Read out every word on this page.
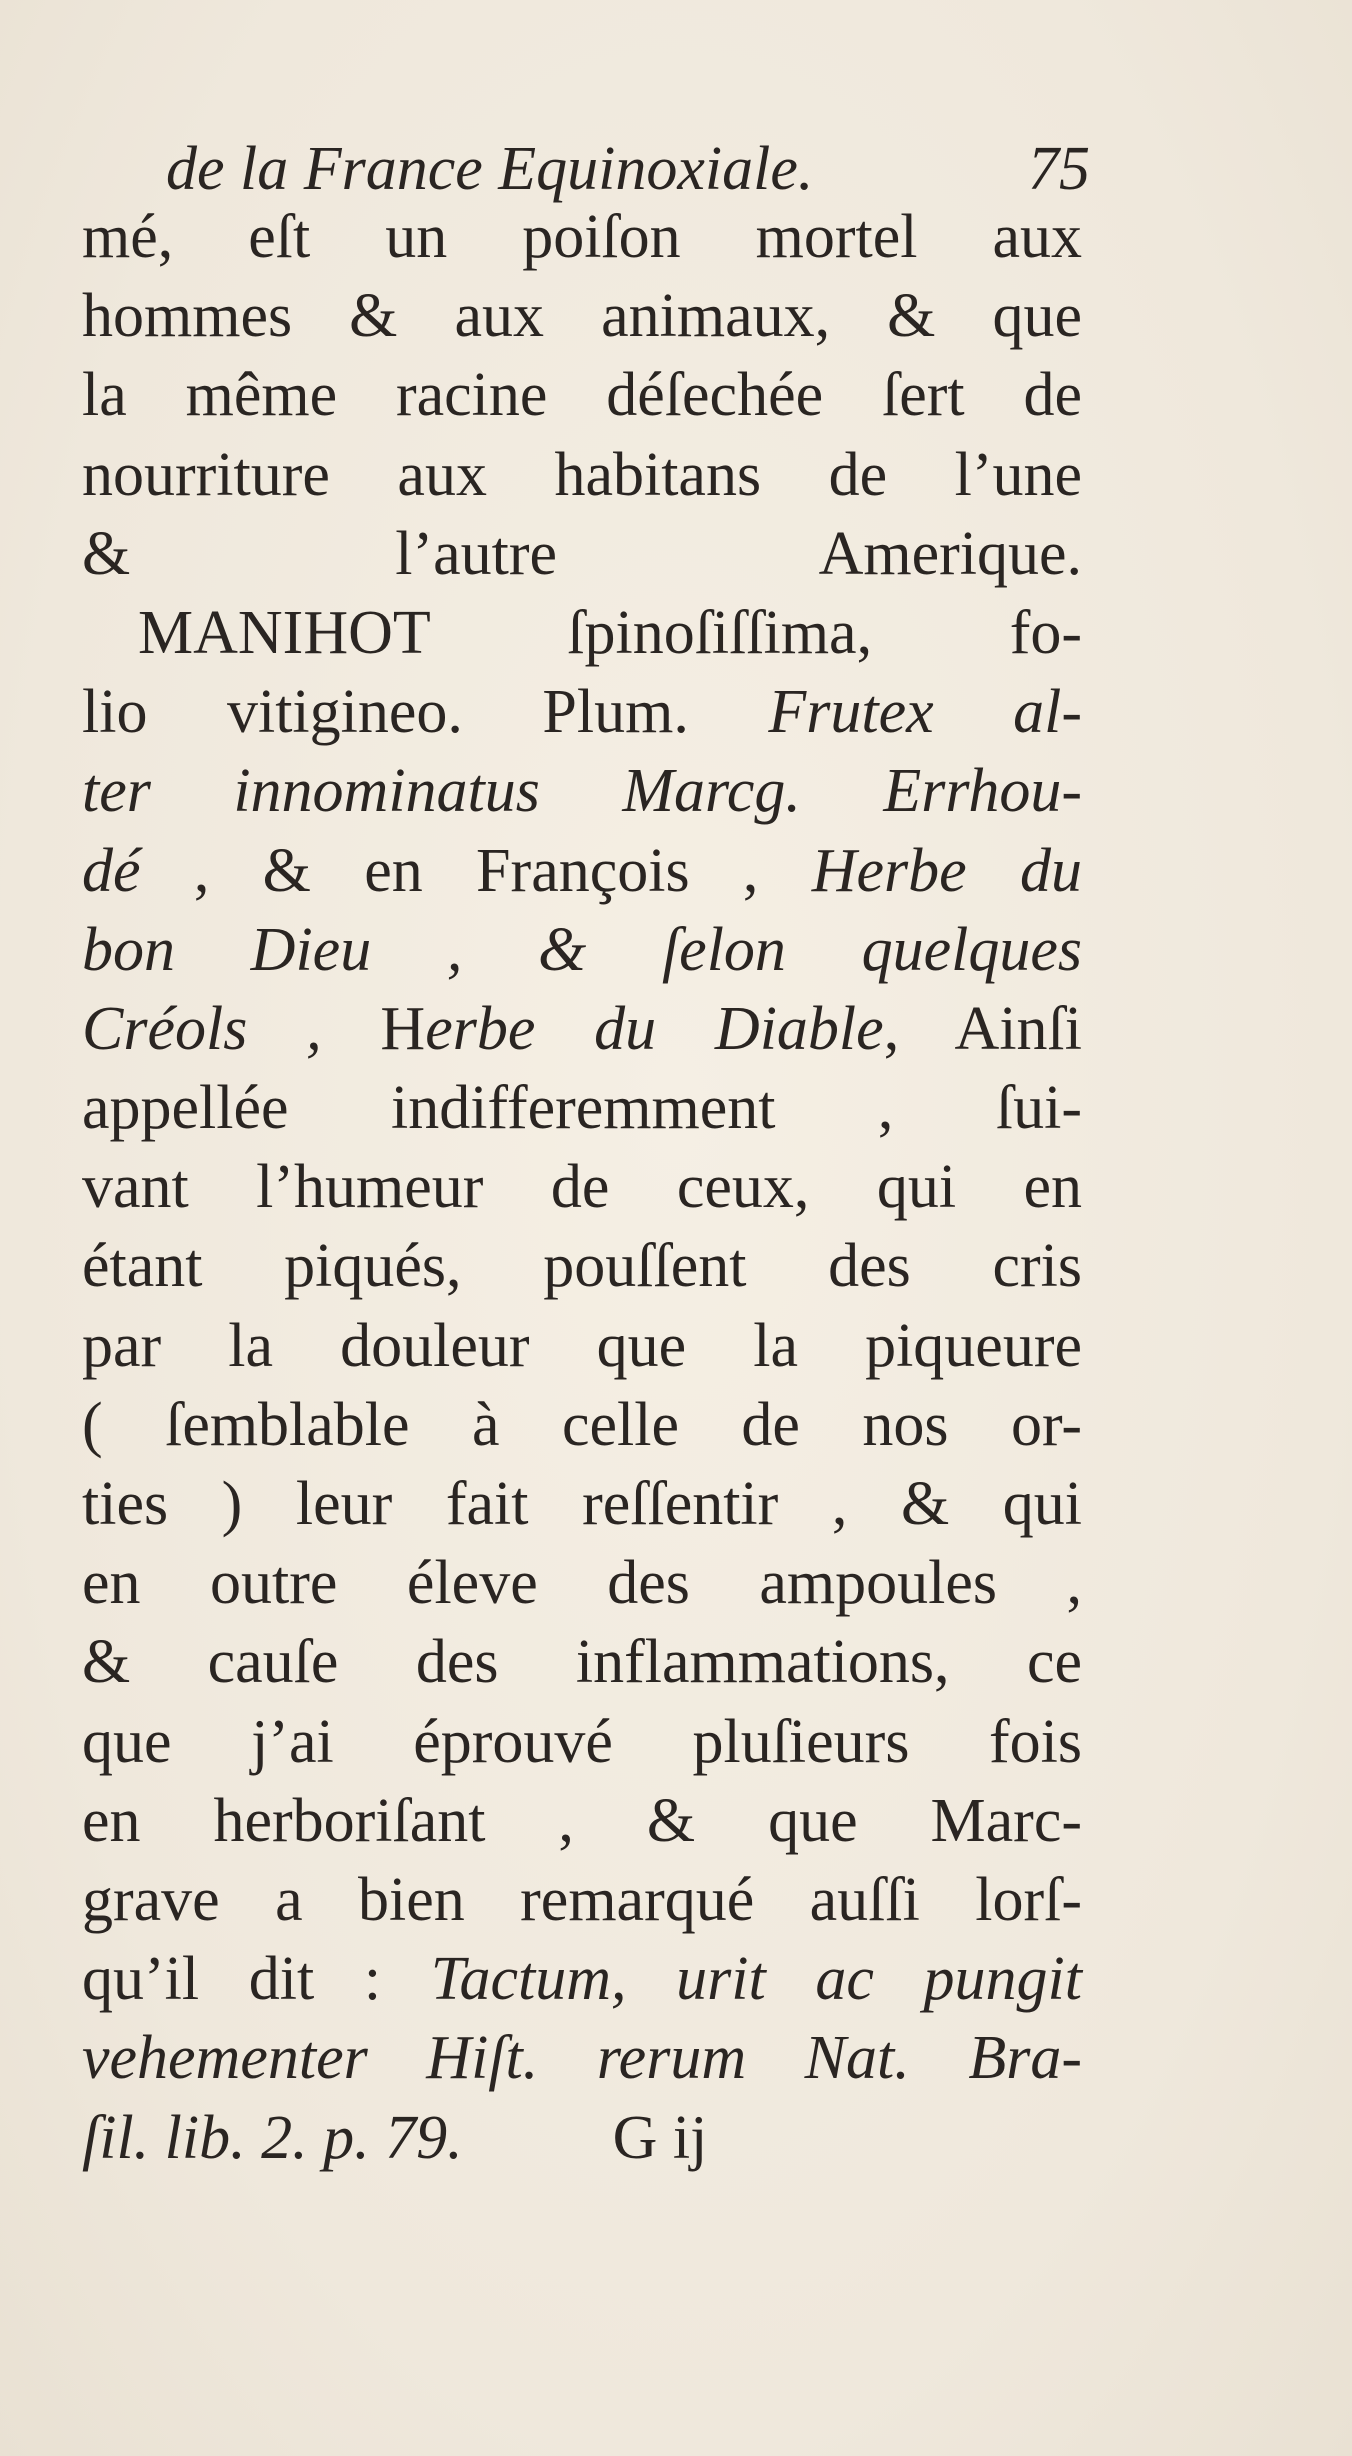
de la France Equinoxiale.	75
mé, eſt un poiſon mortel aux
hommes & aux animaux, & que
la même racine déſechée ſert de
nourriture aux habitans de l’une
& l’autre Amerique.
MANIHOT ſpinoſiſſima, fo-
lio vitigineo. Plum. Frutex al-
ter innominatus Marcg. Errhou-
dé , & en François , Herbe du
bon Dieu , & ſelon quelques
Créols , Herbe du Diable, Ainſi
appellée indifferemment , ſui-
vant l’humeur de ceux, qui en
étant piqués, pouſſent des cris
par la douleur que la piqueure
( ſemblable à celle de nos or-
ties ) leur fait reſſentir , & qui
en outre éleve des ampoules ,
& cauſe des inflammations, ce
que j’ai éprouvé pluſieurs fois
en herboriſant , & que Marc-
grave a bien remarqué auſſi lorſ-
qu’il dit : Tactum, urit ac pungit
vehementer Hiſt. rerum Nat. Bra-
ſil. lib. 2. p. 79. G ij
